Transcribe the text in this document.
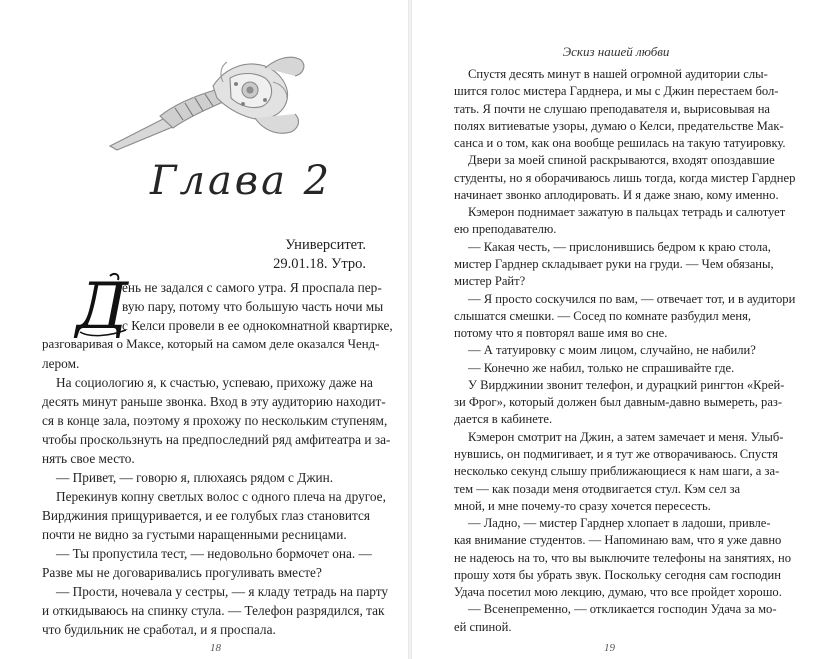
Глава 2
Университет.
29.01.18. Утро.
Д
ень не задался с самого утра. Я проспала пер-
вую пару, потому что большую часть ночи мы
с Келси провели в ее однокомнатной квартирке,
разговаривая о Максе, который на самом деле оказался Ченд-
лером.
На социологию я, к счастью, успеваю, прихожу даже на
десять минут раньше звонка. Вход в эту аудиторию находит-
ся в конце зала, поэтому я прохожу по нескольким ступеням,
чтобы проскользнуть на предпоследний ряд амфитеатра и за-
нять свое место.
— Привет, — говорю я, плюхаясь рядом с Джин.
Перекинув копну светлых волос с одного плеча на другое,
Вирджиния прищуривается, и ее голубых глаз становится
почти не видно за густыми наращенными ресницами.
— Ты пропустила тест, — недовольно бормочет она. —
Разве мы не договаривались прогуливать вместе?
— Прости, ночевала у сестры, — я кладу тетрадь на парту
и откидываюсь на спинку стула. — Телефон разрядился, так
что будильник не сработал, и я проспала.
18
Эскиз нашей любви
19
Спустя десять минут в нашей огромной аудитории слы-
шится голос мистера Гарднера, и мы с Джин перестаем бол-
тать. Я почти не слушаю преподавателя и, вырисовывая на
полях витиеватые узоры, думаю о Келси, предательстве Мак-
санса и о том, как она вообще решилась на такую татуировку.
Двери за моей спиной раскрываются, входят опоздавшие
студенты, но я оборачиваюсь лишь тогда, когда мистер Гарднер
начинает звонко аплодировать. И я даже знаю, кому именно.
Кэмерон поднимает зажатую в пальцах тетрадь и салютует
ею преподавателю.
— Какая честь, — прислонившись бедром к краю стола,
мистер Гарднер складывает руки на груди. — Чем обязаны,
мистер Райт?
— Я просто соскучился по вам, — отвечает тот, и в аудитори
слышатся смешки. — Сосед по комнате разбудил меня,
потому что я повторял ваше имя во сне.
— А татуировку с моим лицом, случайно, не набили?
— Конечно же набил, только не спрашивайте где.
У Вирджинии звонит телефон, и дурацкий рингтон «Крей-
зи Фрог», который должен был давным-давно вымереть, раз-
дается в кабинете.
Кэмерон смотрит на Джин, а затем замечает и меня. Улыб-
нувшись, он подмигивает, и я тут же отворачиваюсь. Спустя
несколько секунд слышу приближающиеся к нам шаги, а за-
тем — как позади меня отодвигается стул. Кэм сел за
мной, и мне почему-то сразу хочется пересесть.
— Ладно, — мистер Гарднер хлопает в ладоши, привле-
кая внимание студентов. — Напоминаю вам, что я уже давно
не надеюсь на то, что вы выключите телефоны на занятиях, но
прошу хотя бы убрать звук. Поскольку сегодня сам господин
Удача посетил мою лекцию, думаю, что все пройдет хорошо.
— Всенепременно, — откликается господин Удача за мо-
ей спиной.
